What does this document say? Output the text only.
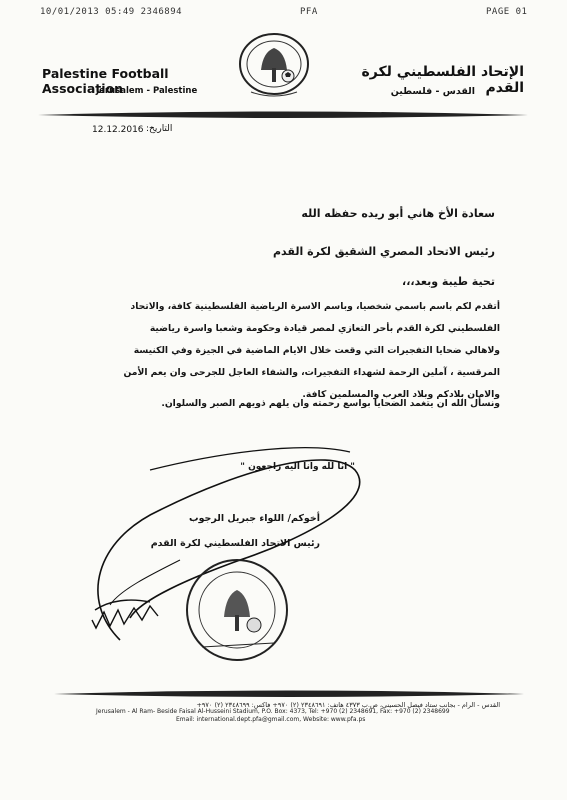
10/01/2013 05:49 2346894	PFA	PAGE 01
Palestine Football Association
Jerusalem - Palestine
الإتحاد الفلسطيني لكرة القدم
القدس - فلسطين
12.12.2016 التاريخ:
سعادة الأخ هاني أبو ريده حفظه الله
رئيس الاتحاد المصري الشقيق لكرة القدم
تحية طيبة وبعد،،،
أتقدم لكم باسم باسمي شخصيا، وباسم الاسرة الرياضية الفلسطينية كافة، والاتحاد
الفلسطيني لكرة القدم بأحر التعازي لمصر قيادة وحكومة وشعبا واسرة رياضية
ولاهالي ضحايا التفجيرات التي وقعت خلال الايام الماضية في الجيزة وفي الكنيسة
المرقسية ، آملين الرحمة لشهداء التفجيرات، والشفاء العاجل للجرحى وان يعم الأمن
والامان بلادكم وبلاد العرب والمسلمين كافة.
ونسأل الله ان يتغمد الضحايا بواسع رحمته وان يلهم ذويهم الصبر والسلوان.
" انا لله وانا اليه راجعون "
أخوكم/ اللواء جبريل الرجوب
رئيس الاتحاد الفلسطيني لكرة القدم
القدس - الرام - بجانب ستاد فيصل الحسيني، ص.ب ٤٣٧٣ هاتف: ٢٣٤٨٦٩١ (٢) ٩٧٠+ فاكس: ٢٣٤٨٦٩٩ (٢) ٩٧٠+
Jerusalem - Al Ram- Beside Faisal Al-Husseini Stadium, P.O. Box: 4373, Tel: +970 (2) 2348691, Fax: +970 (2) 2348699
Email: international.dept.pfa@gmail.com, Website: www.pfa.ps
